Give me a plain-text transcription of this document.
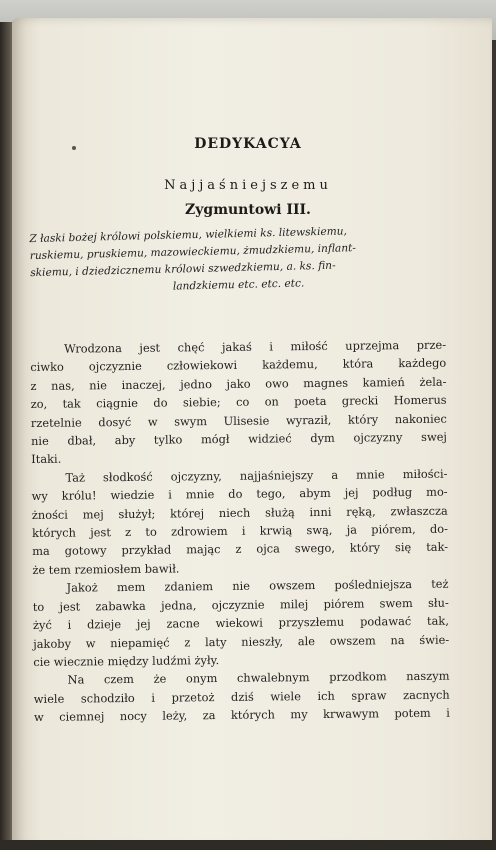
DEDYKACYA
Najjaśniejszemu
Zygmuntowi III.
Z łaski bożej królowi polskiemu, wielkiemi ks. litewskiemu,
ruskiemu, pruskiemu, mazowieckiemu, żmudzkiemu, inflant-
skiemu, i dziedzicznemu królowi szwedzkiemu, a. ks. fin-
landzkiemu etc. etc. etc.
Wrodzona jest chęć jakaś i miłość uprzejma prze-
ciwko ojczyznie człowiekowi każdemu, która każdego
z nas, nie inaczej, jedno jako owo magnes kamień żela-
zo, tak ciągnie do siebie; co on poeta grecki Homerus
rzetelnie dosyć w swym Ulisesie wyraził, który nakoniec
nie dbał, aby tylko mógł widzieć dym ojczyzny swej
Itaki.
Taż słodkość ojczyzny, najjaśniejszy a mnie miłości-
wy królu! wiedzie i mnie do tego, abym jej podług mo-
żności mej służył; której niech służą inni ręką, zwłaszcza
których jest z to zdrowiem i krwią swą, ja piórem, do-
ma gotowy przykład mając z ojca swego, który się tak-
że tem rzemiosłem bawił.
Jakoż mem zdaniem nie owszem pośledniejsza też
to jest zabawka jedna, ojczyznie milej piórem swem słu-
żyć i dzieje jej zacne wiekowi przyszłemu podawać tak,
jakoby w niepamięć z laty nieszły, ale owszem na świe-
cie wiecznie między ludźmi żyły.
Na czem że onym chwalebnym przodkom naszym
wiele schodziło i przetoż dziś wiele ich spraw zacnych
w ciemnej nocy leży, za których my krwawym potem i
